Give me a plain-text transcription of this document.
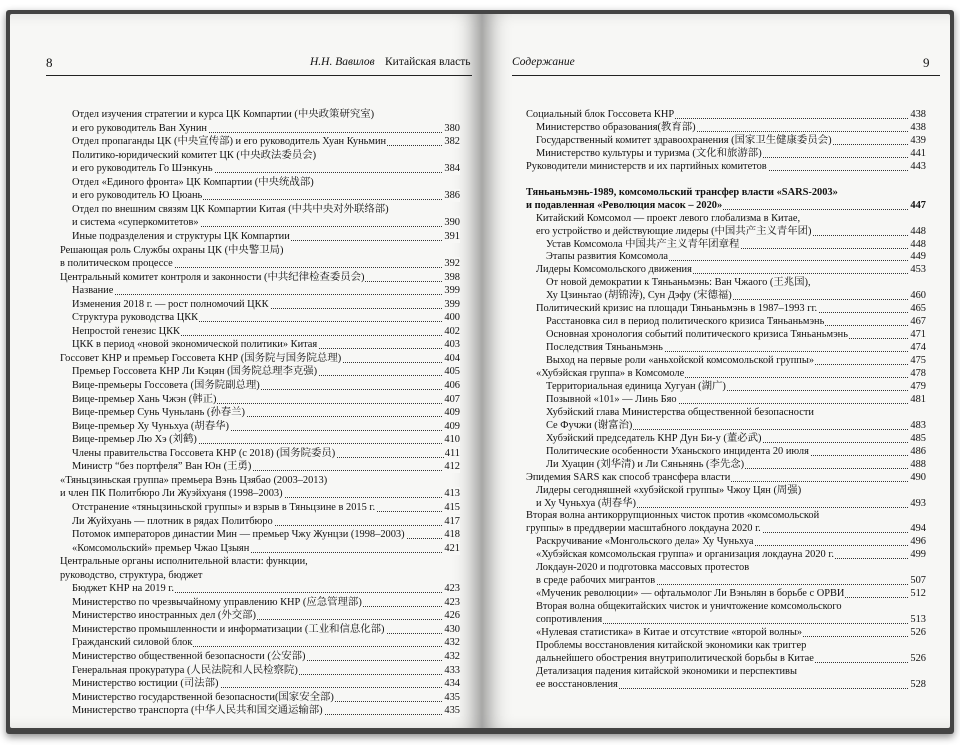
8	Н.Н. Вавилов Китайская власть
Отдел изучения стратегии и курса ЦК Компартии (中央政策研究室)
и его руководитель Ван Хунин	380
Отдел пропаганды ЦК (中央宣传部) и его руководитель Хуан Куньмин	382
Политико-юридический комитет ЦК (中央政法委员会)
и его руководитель Го Шэнкунь	384
Отдел «Единого фронта» ЦК Компартии (中央统战部)
и его руководитель Ю Цюань	386
Отдел по внешним связям ЦК Компартии Китая (中共中央对外联络部)
и система «суперкомитетов»	390
Иные подразделения и структуры ЦК Компартии	391
Решающая роль Службы охраны ЦК (中央警卫局)
в политическом процессе	392
Центральный комитет контроля и законности (中共纪律检查委员会)	398
Название	399
Изменения 2018 г. — рост полномочий ЦКК	399
Структура руководства ЦКК	400
Непростой генезис ЦКК	402
ЦКК в период «новой экономической политики» Китая	403
Госсовет КНР и премьер Госсовета КНР (国务院与国务院总理)	404
Премьер Госсовета КНР Ли Кэцян (国务院总理李克强)	405
Вице-премьеры Госсовета (国务院副总理)	406
Вице-премьер Хань Чжэн (韩正)	407
Вице-премьер Сунь Чуньлань (孙春兰)	409
Вице-премьер Ху Чуньхуа (胡春华)	409
Вице-премьер Лю Хэ (刘鹤)	410
Члены правительства Госсовета КНР (с 2018) (国务院委员)	411
Министр “без портфеля” Ван Юн (王勇)	412
«Тяньцзиньская группа» премьера Вэнь Цзябао (2003–2013)
и член ПК Политбюро Ли Жуэйхуаня (1998–2003)	413
Отстранение «тяньцзиньской группы» и взрыв в Тяньцзине в 2015 г.	415
Ли Жуйхуань — плотник в рядах Политбюро	417
Потомок императоров династии Мин — премьер Чжу Жунцзи (1998–2003)	418
«Комсомольский» премьер Чжао Цзыян	421
Центральные органы исполнительной власти: функции,
руководство, структура, бюджет
Бюджет КНР на 2019 г.	423
Министерство по чрезвычайному управлению КНР (应急管理部)	423
Министерство иностранных дел (外交部)	426
Министерство промышленности и информатизации (工业和信息化部)	430
Гражданский силовой блок	432
Министерство общественной безопасности (公安部)	432
Генеральная прокуратура (人民法院和人民检察院)	433
Министерство юстиции (司法部)	434
Министерство государственной безопасности(国家安全部)	435
Министерство транспорта (中华人民共和国交通运输部)	435
Содержание	9
Социальный блок Госсовета КНР	438
Министерство образования(教育部)	438
Государственный комитет здравоохранения (国家卫生健康委员会)	439
Министерство культуры и туризма (文化和旅游部)	441
Руководители министерств и их партийных комитетов	443
Тяньаньмэнь-1989, комсомольский трансфер власти «SARS-2003»
и подавленная «Революция масок – 2020»	447
Китайский Комсомол — проект левого глобализма в Китае,
его устройство и действующие лидеры (中国共产主义青年团)	448
Устав Комсомола 中国共产主义青年团章程	448
Этапы развития Комсомола	449
Лидеры Комсомольского движения	453
От новой демократии к Тяньаньмэнь: Ван Чжаого (王兆国),
Ху Цзиньтао (胡锦涛), Сун Дэфу (宋德福)	460
Политический кризис на площади Тяньаньмэнь в 1987–1993 гг.	465
Расстановка сил в период политического кризиса Тяньаньмэнь	467
Основная хронология событий политического кризиса Тяньаньмэнь	471
Последствия Тяньаньмэнь	474
Выход на первые роли «аньхойской комсомольской группы»	475
«Хубэйская группа» в Комсомоле	478
Территориальная единица Хугуан (湖广)	479
Позывной «101» — Линь Бяо	481
Хубэйский глава Министерства общественной безопасности
Се Фучжи (谢富治)	483
Хубэйский председатель КНР Дун Би-у (董必武)	485
Политические особенности Уханьского инцидента 20 июля	486
Ли Хуацин (刘华清) и Ли Сяньнянь (李先念)	488
Эпидемия SARS как способ трансфера власти	490
Лидеры сегодняшней «хубэйской группы» Чжоу Цян (周强)
и Ху Чуньхуа (胡春华)	493
Вторая волна антикоррупционных чисток против «комсомольской
группы» в преддверии масштабного локдауна 2020 г.	494
Раскручивание «Монгольского дела» Ху Чуньхуа	496
«Хубэйская комсомольская группа» и организация локдауна 2020 г.	499
Локдаун-2020 и подготовка массовых протестов
в среде рабочих мигрантов	507
«Мученик революции» — офтальмолог Ли Вэньлян в борьбе с ОРВИ	512
Вторая волна общекитайских чисток и уничтожение комсомольского
сопротивления	513
«Нулевая статистика» в Китае и отсутствие «второй волны»	526
Проблемы восстановления китайской экономики как триггер
дальнейшего обострения внутриполитической борьбы в Китае	526
Детализация падения китайской экономики и перспективы
ее восстановления	528
